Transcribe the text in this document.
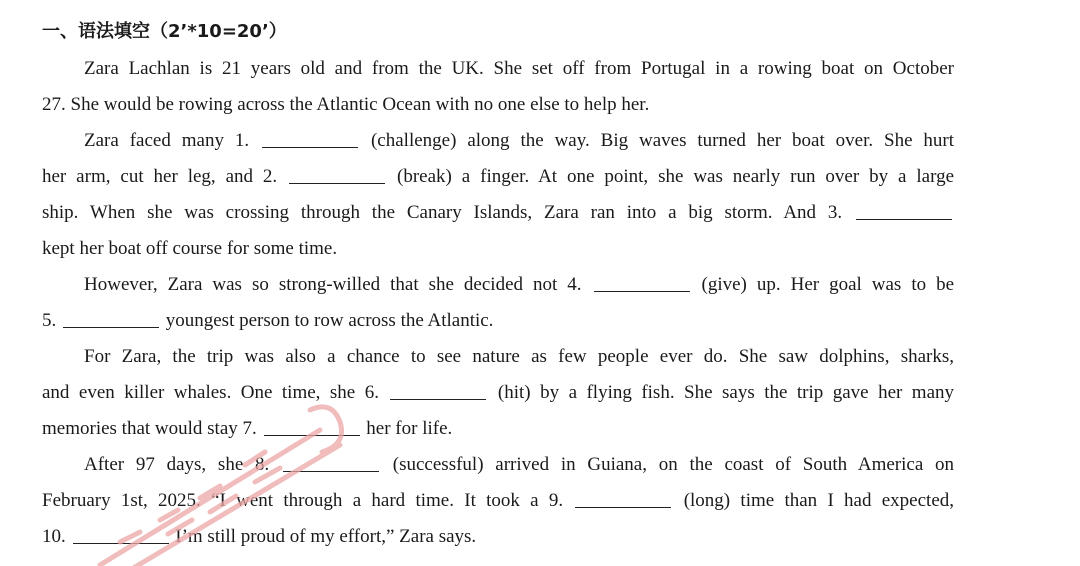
一、语法填空（2’*10=20’）
Zara Lachlan is 21 years old and from the UK. She set off from Portugal in a rowing boat on October
27. She would be rowing across the Atlantic Ocean with no one else to help her.
Zara faced many 1.	(challenge) along the way. Big waves turned her boat over. She hurt
her arm, cut her leg, and 2.	(break) a finger. At one point, she was nearly run over by a large
ship. When she was crossing through the Canary Islands, Zara ran into a big storm. And 3.
kept her boat off course for some time.
However, Zara was so strong-willed that she decided not 4.	(give) up. Her goal was to be
5.	youngest person to row across the Atlantic.
For Zara, the trip was also a chance to see nature as few people ever do. She saw dolphins, sharks,
and even killer whales. One time, she 6.	(hit) by a flying fish. She says the trip gave her many
memories that would stay 7.	her for life.
After 97 days, she 8.	(successful) arrived in Guiana, on the coast of South America on
February 1st, 2025. “I went through a hard time. It took a 9.	(long) time than I had expected,
10.	I’m still proud of my effort,” Zara says.
